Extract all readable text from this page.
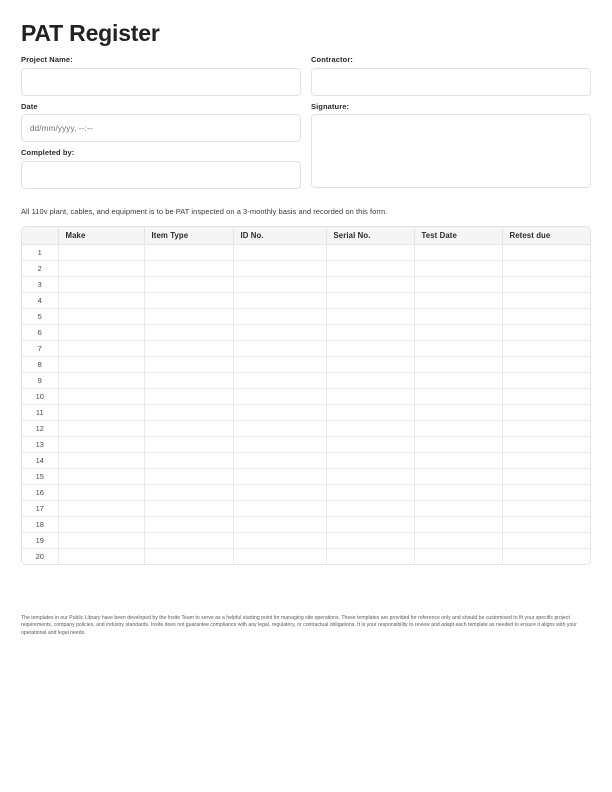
PAT Register
Project Name:
Date
dd/mm/yyyy, --:--
Completed by:
Contractor:
Signature:

All 110v plant, cables, and equipment is to be PAT inspected on a 3-monthly basis and recorded on this form.

	Make	Item Type	ID No.	Serial No.	Test Date	Retest due
1						
2						
3						
4						
5						
6						
7						
8						
9						
10						
11						
12						
13						
14						
15						
16						
17						
18						
19						
20						

The templates in our Public Library have been developed by the Insite Team to serve as a helpful starting point for managing site operations. These templates are provided for reference only and should be customised to fit your specific project requirements, company policies, and industry standards. Insite does not guarantee compliance with any legal, regulatory, or contractual obligations. It is your responsibility to review and adapt each template as needed to ensure it aligns with your operational and legal needs.
